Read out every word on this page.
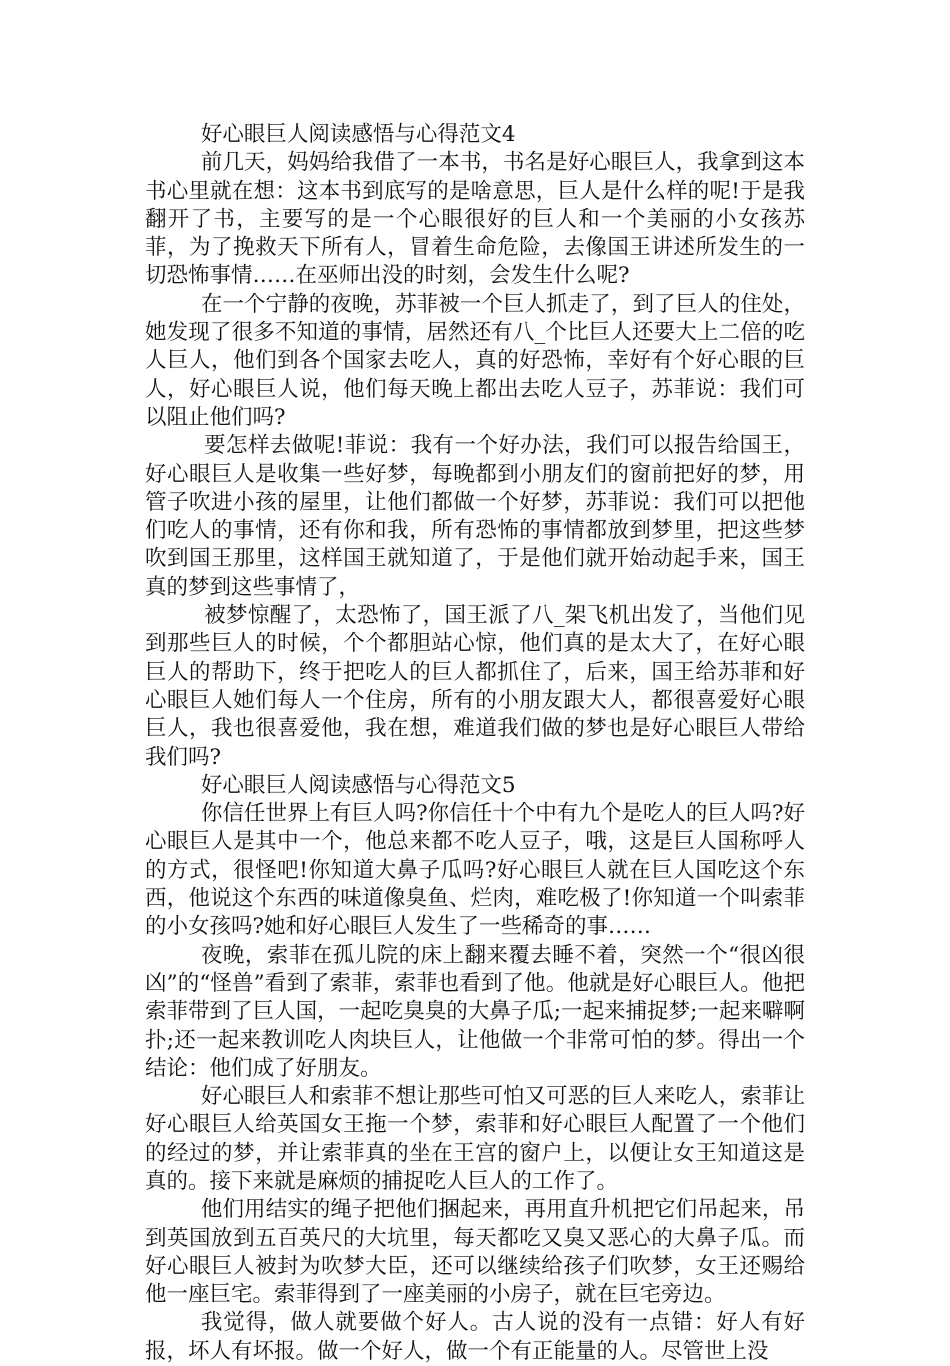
好心眼巨人阅读感悟与心得范文4

前几天，妈妈给我借了一本书，书名是好心眼巨人，我拿到这本书心里就在想：这本书到底写的是啥意思，巨人是什么样的呢!于是我翻开了书，主要写的是一个心眼很好的巨人和一个美丽的小女孩苏菲，为了挽救天下所有人，冒着生命危险，去像国王讲述所发生的一切恐怖事情……在巫师出没的时刻，会发生什么呢?

在一个宁静的夜晚，苏菲被一个巨人抓走了，到了巨人的住处，她发现了很多不知道的事情，居然还有八_个比巨人还要大上二倍的吃人巨人，他们到各个国家去吃人，真的好恐怖，幸好有个好心眼的巨人，好心眼巨人说，他们每天晚上都出去吃人豆子，苏菲说：我们可以阻止他们吗?

要怎样去做呢!菲说：我有一个好办法，我们可以报告给国王，好心眼巨人是收集一些好梦，每晚都到小朋友们的窗前把好的梦，用管子吹进小孩的屋里，让他们都做一个好梦，苏菲说：我们可以把他们吃人的事情，还有你和我，所有恐怖的事情都放到梦里，把这些梦吹到国王那里，这样国王就知道了，于是他们就开始动起手来，国王真的梦到这些事情了，

被梦惊醒了，太恐怖了，国王派了八_架飞机出发了，当他们见到那些巨人的时候，个个都胆站心惊，他们真的是太大了，在好心眼巨人的帮助下，终于把吃人的巨人都抓住了，后来，国王给苏菲和好心眼巨人她们每人一个住房，所有的小朋友跟大人，都很喜爱好心眼巨人，我也很喜爱他，我在想，难道我们做的梦也是好心眼巨人带给我们吗?

好心眼巨人阅读感悟与心得范文5

你信任世界上有巨人吗?你信任十个中有九个是吃人的巨人吗?好心眼巨人是其中一个，他总来都不吃人豆子，哦，这是巨人国称呼人的方式，很怪吧!你知道大鼻子瓜吗?好心眼巨人就在巨人国吃这个东西，他说这个东西的味道像臭鱼、烂肉，难吃极了!你知道一个叫索菲的小女孩吗?她和好心眼巨人发生了一些稀奇的事……

夜晚，索菲在孤儿院的床上翻来覆去睡不着，突然一个“很凶很凶”的“怪兽”看到了索菲，索菲也看到了他。他就是好心眼巨人。他把索菲带到了巨人国，一起吃臭臭的大鼻子瓜;一起来捕捉梦;一起来噼啊扑;还一起来教训吃人肉块巨人，让他做一个非常可怕的梦。得出一个结论：他们成了好朋友。

好心眼巨人和索菲不想让那些可怕又可恶的巨人来吃人，索菲让好心眼巨人给英国女王拖一个梦，索菲和好心眼巨人配置了一个他们的经过的梦，并让索菲真的坐在王宫的窗户上，以便让女王知道这是真的。接下来就是麻烦的捕捉吃人巨人的工作了。

他们用结实的绳子把他们捆起来，再用直升机把它们吊起来，吊到英国放到五百英尺的大坑里，每天都吃又臭又恶心的大鼻子瓜。而好心眼巨人被封为吹梦大臣，还可以继续给孩子们吹梦，女王还赐给他一座巨宅。索菲得到了一座美丽的小房子，就在巨宅旁边。

我觉得，做人就要做个好人。古人说的没有一点错：好人有好报，坏人有坏报。做一个好人，做一个有正能量的人。尽管世上没
